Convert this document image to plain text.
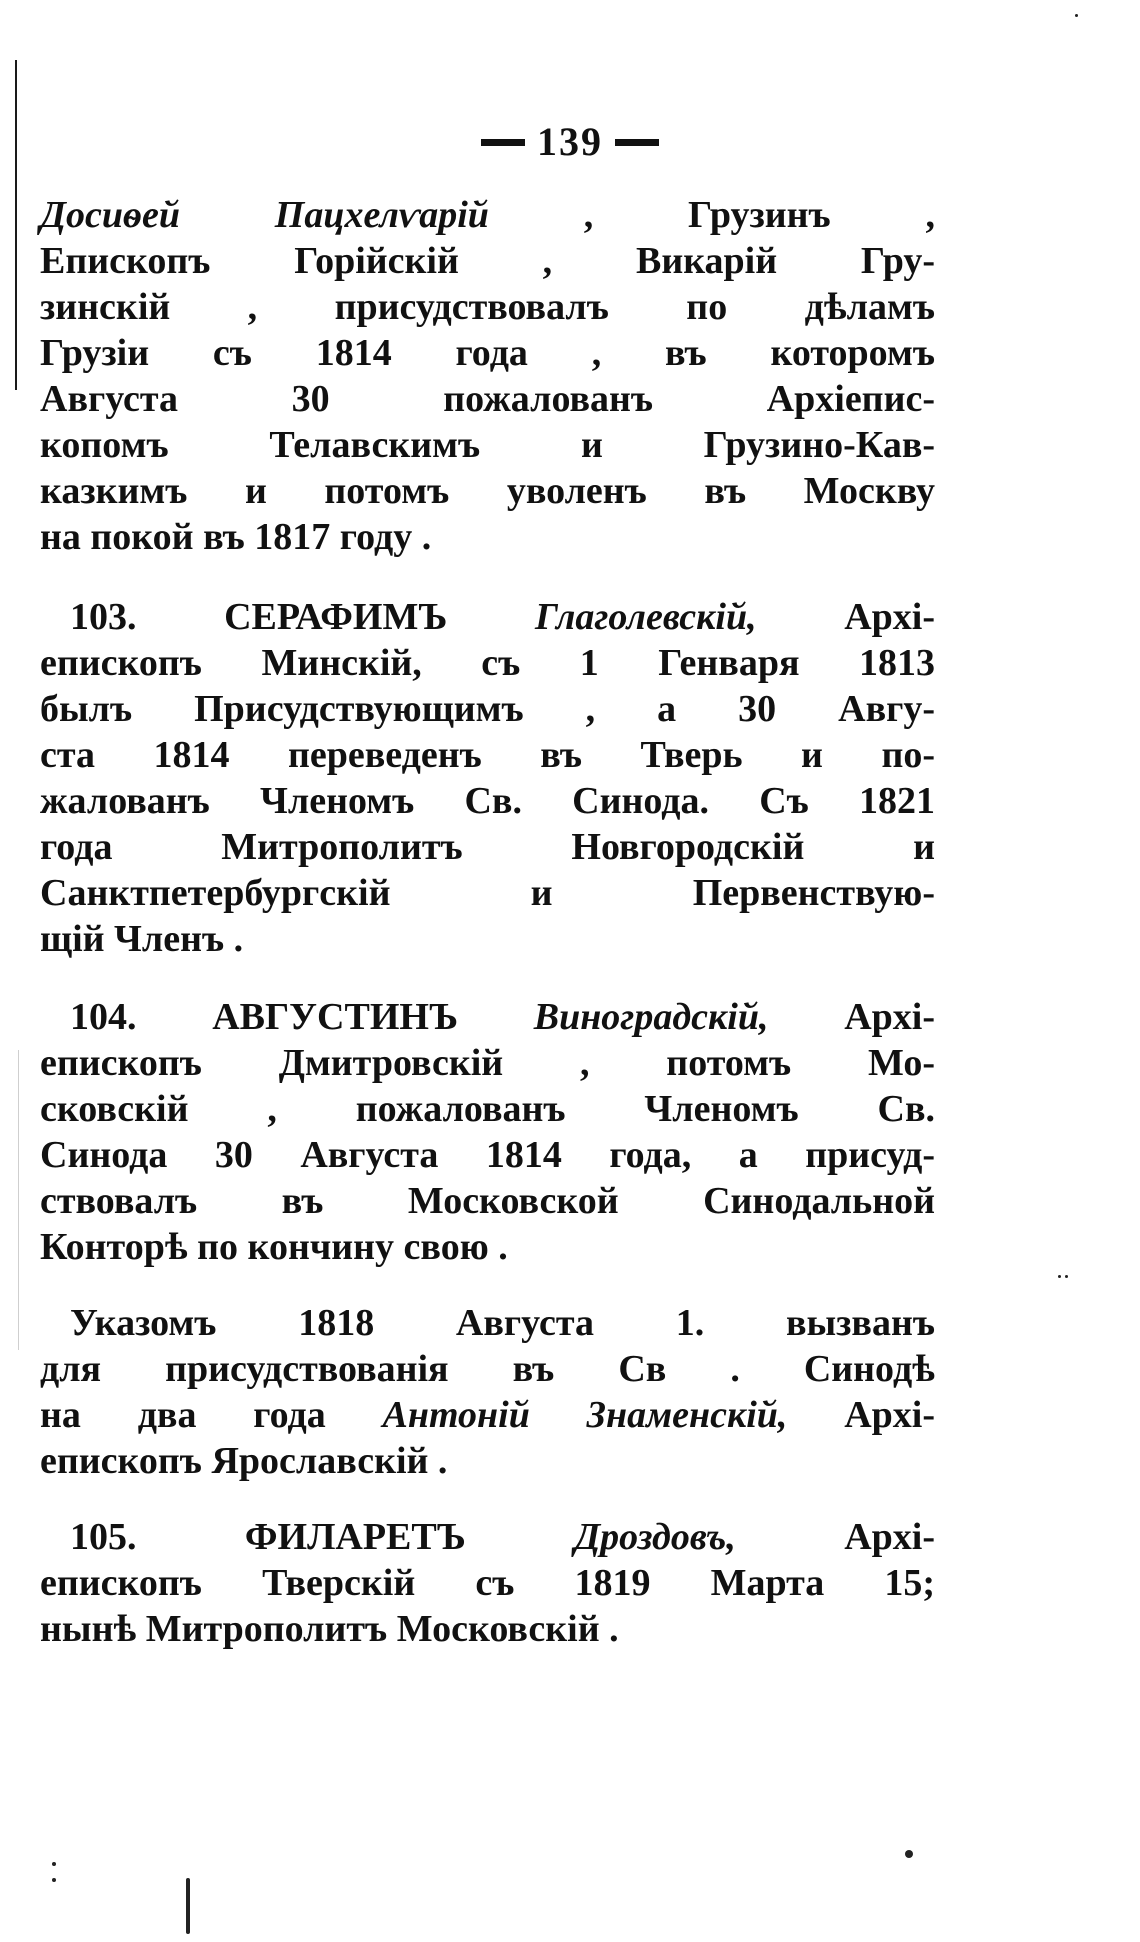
139
Досиѳей Пацхелѵарій , Грузинъ ,
Епископъ Горійскій , Викарій Гру-
зинскій , присудствовалъ по дѣламъ
Грузіи съ 1814 года , въ которомъ
Августа 30 пожалованъ Архіепис-
копомъ Телавскимъ и Грузино-Кав-
казкимъ и потомъ уволенъ въ Москву
на покой въ 1817 году .
103. СЕРАФИМЪ Глаголевскій, Архі-
епископъ Минскій, съ 1 Генваря 1813
былъ Присудствующимъ , а 30 Авгу-
ста 1814 переведенъ въ Тверь и по-
жалованъ Членомъ Св. Синода. Съ 1821
года Митрополитъ Новгородскій и
Санктпетербургскій и Первенствую-
щій Членъ .
104. АВГУСТИНЪ Виноградскій, Архі-
епископъ Дмитровскій , потомъ Мо-
сковскій , пожалованъ Членомъ Св.
Синода 30 Августа 1814 года, а присуд-
ствовалъ въ Московской Синодальной
Конторѣ по кончину свою .
Указомъ 1818 Августа 1. вызванъ
для присудствованія въ Св . Синодѣ
на два года Антоній Знаменскій, Архі-
епископъ Ярославскій .
105. ФИЛАРЕТЪ Дроздовъ, Архі-
епископъ Тверскій съ 1819 Марта 15;
нынѣ Митрополитъ Московскій .
